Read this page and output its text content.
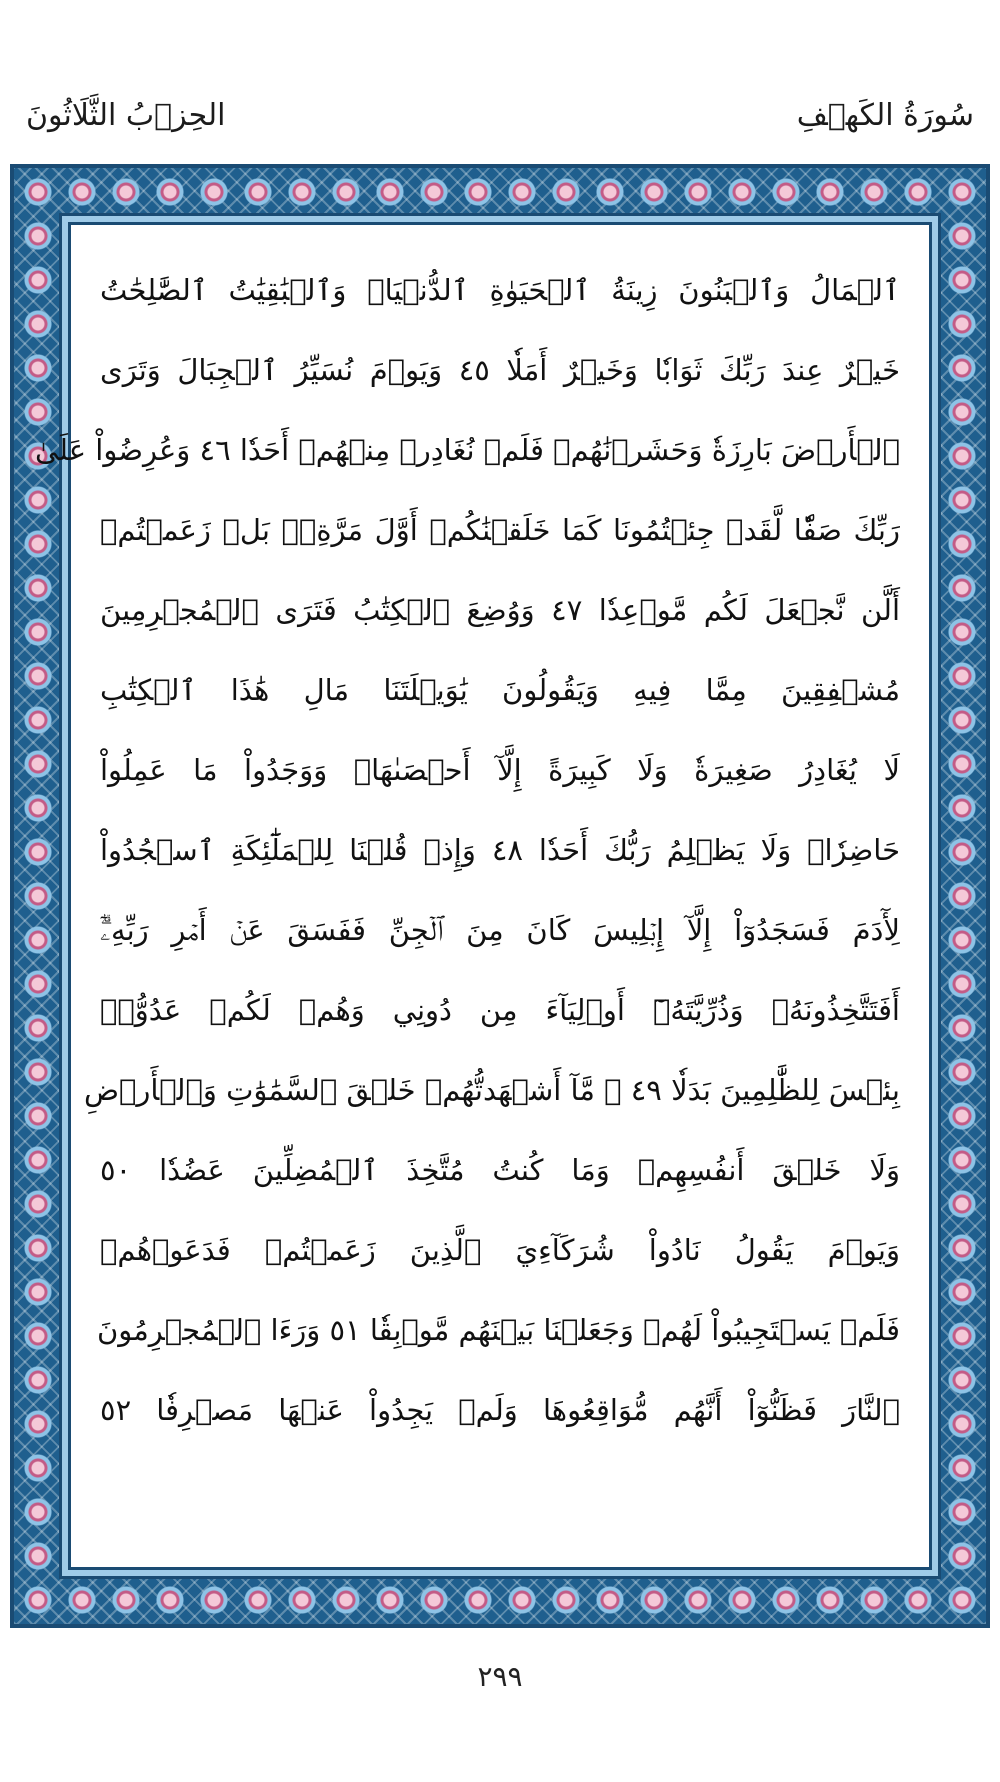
سُورَةُ الكَهۡفِ
الحِزۡبُ الثَّلَاثُونَ
ٱلۡمَالُ وَٱلۡبَنُونَ زِينَةُ ٱلۡحَيَوٰةِ ٱلدُّنۡيَاۖ وَٱلۡبَٰقِيَٰتُ ٱلصَّٰلِحَٰتُ
خَيۡرٌ عِندَ رَبِّكَ ثَوَابٗا وَخَيۡرٌ أَمَلٗا ٤٥ وَيَوۡمَ نُسَيِّرُ ٱلۡجِبَالَ وَتَرَى
ٱلۡأَرۡضَ بَارِزَةٗ وَحَشَرۡنَٰهُمۡ فَلَمۡ نُغَادِرۡ مِنۡهُمۡ أَحَدٗا ٤٦ وَعُرِضُواْ عَلَىٰ
رَبِّكَ صَفّٗا لَّقَدۡ جِئۡتُمُونَا كَمَا خَلَقۡنَٰكُمۡ أَوَّلَ مَرَّةِۭۚ بَلۡ زَعَمۡتُمۡ
أَلَّن نَّجۡعَلَ لَكُم مَّوۡعِدٗا ٤٧ وَوُضِعَ ٱلۡكِتَٰبُ فَتَرَى ٱلۡمُجۡرِمِينَ
مُشۡفِقِينَ مِمَّا فِيهِ وَيَقُولُونَ يَٰوَيۡلَتَنَا مَالِ هَٰذَا ٱلۡكِتَٰبِ
لَا يُغَادِرُ صَغِيرَةٗ وَلَا كَبِيرَةً إِلَّآ أَحۡصَىٰهَاۚ وَوَجَدُواْ مَا عَمِلُواْ
حَاضِرٗاۗ وَلَا يَظۡلِمُ رَبُّكَ أَحَدٗا ٤٨ وَإِذۡ قُلۡنَا لِلۡمَلَٰٓئِكَةِ ٱسۡجُدُواْ
لِأٓدَمَ فَسَجَدُوٓاْ إِلَّآ إِبۡلِيسَ كَانَ مِنَ ٱلۡجِنِّ فَفَسَقَ عَنۡ أَمۡرِ رَبِّهِۦٓۗ
أَفَتَتَّخِذُونَهُۥ وَذُرِّيَّتَهُۥٓ أَوۡلِيَآءَ مِن دُونِي وَهُمۡ لَكُمۡ عَدُوُّۢۚ
بِئۡسَ لِلظَّٰلِمِينَ بَدَلٗا ٤٩ ۞ مَّآ أَشۡهَدتُّهُمۡ خَلۡقَ ٱلسَّمَٰوَٰتِ وَٱلۡأَرۡضِ
وَلَا خَلۡقَ أَنفُسِهِمۡ وَمَا كُنتُ مُتَّخِذَ ٱلۡمُضِلِّينَ عَضُدٗا ٥٠
وَيَوۡمَ يَقُولُ نَادُواْ شُرَكَآءِيَ ٱلَّذِينَ زَعَمۡتُمۡ فَدَعَوۡهُمۡ
فَلَمۡ يَسۡتَجِيبُواْ لَهُمۡ وَجَعَلۡنَا بَيۡنَهُم مَّوۡبِقٗا ٥١ وَرَءَا ٱلۡمُجۡرِمُونَ
ٱلنَّارَ فَظَنُّوٓاْ أَنَّهُم مُّوَاقِعُوهَا وَلَمۡ يَجِدُواْ عَنۡهَا مَصۡرِفٗا ٥٢
٢٩٩
